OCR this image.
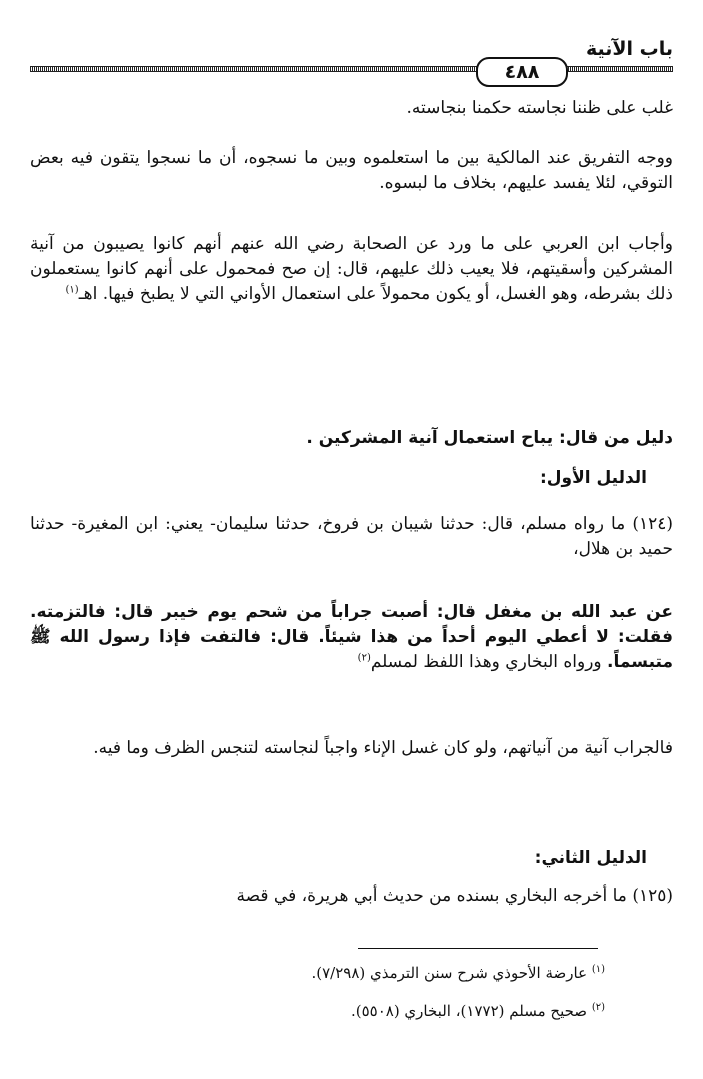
باب الآنية
٤٨٨

غلب على ظننا نجاسته حكمنا بنجاسته.

ووجه التفريق عند المالكية بين ما استعلموه وبين ما نسجوه، أن ما نسجوا يتقون فيه بعض التوقي، لئلا يفسد عليهم، بخلاف ما لبسوه.

وأجاب ابن العربي على ما ورد عن الصحابة رضي الله عنهم أنهم كانوا يصيبون من آنية المشركين وأسقيتهم، فلا يعيب ذلك عليهم، قال: إن صح فمحمول على أنهم كانوا يستعملون ذلك بشرطه، وهو الغسل، أو يكون محمولاً على استعمال الأواني التي لا يطبخ فيها. اهـ$^{(١)}$

دليل من قال: يباح استعمال آنية المشركين .

الدليل الأول:

(١٢٤) ما رواه مسلم، قال: حدثنا شيبان بن فروخ، حدثنا سليمان- يعني: ابن المغيرة- حدثنا حميد بن هلال،

عن عبد الله بن مغفل قال: أصبت جراباً من شحم يوم خيبر قال: فالتزمته. فقلت: لا أعطي اليوم أحداً من هذا شيئاً. قال: فالتفت فإذا رسول الله ﷺ متبسماً. ورواه البخاري وهذا اللفظ لمسلم$^{(٢)}$

فالجراب آنية من آنياتهم، ولو كان غسل الإناء واجباً لنجاسته لتنجس الظرف وما فيه.

الدليل الثاني:

(١٢٥) ما أخرجه البخاري بسنده من حديث أبي هريرة، في قصة

$^{(١)}$ عارضة الأحوذي شرح سنن الترمذي (٧/٢٩٨).

$^{(٢)}$ صحيح مسلم (١٧٧٢)، البخاري (٥٥٠٨).
